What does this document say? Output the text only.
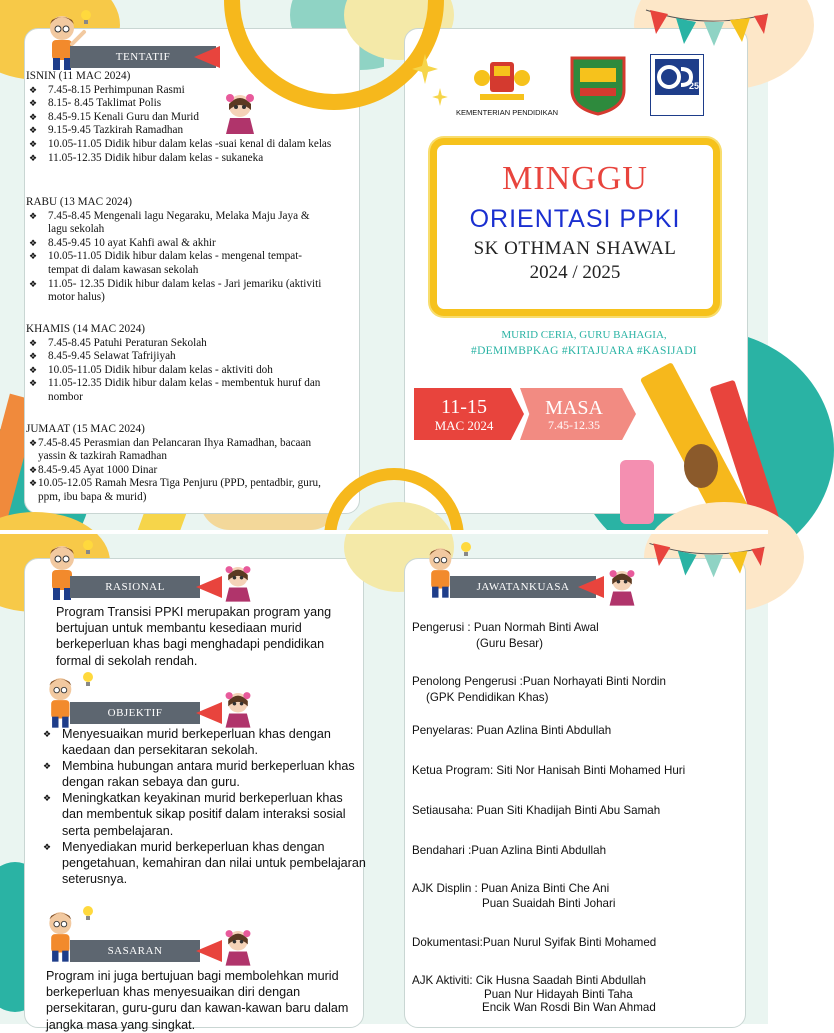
TENTATIF
ISNIN (11 MAC 2024)
❖ 7.45-8.15 Perhimpunan Rasmi
❖ 8.15- 8.45 Taklimat Polis
❖ 8.45-9.15 Kenali Guru dan Murid
❖ 9.15-9.45 Tazkirah Ramadhan
❖ 10.05-11.05 Didik hibur dalam kelas -suai kenal di dalam kelas
❖ 11.05-12.35 Didik hibur dalam kelas - sukaneka
RABU (13 MAC 2024)
❖ 7.45-8.45 Mengenali lagu Negaraku, Melaka Maju Jaya & lagu sekolah
❖ 8.45-9.45 10 ayat Kahfi awal & akhir
❖ 10.05-11.05 Didik hibur dalam kelas - mengenal tempat-tempat di dalam kawasan sekolah
❖ 11.05- 12.35 Didik hibur dalam kelas - Jari jemariku (aktiviti motor halus)
KHAMIS (14 MAC 2024)
❖ 7.45-8.45 Patuhi Peraturan Sekolah
❖ 8.45-9.45 Selawat Tafrijiyah
❖ 10.05-11.05 Didik hibur dalam kelas - aktiviti doh
❖ 11.05-12.35 Didik hibur dalam kelas - membentuk huruf dan nombor
JUMAAT (15 MAC 2024)
❖ 7.45-8.45 Perasmian dan Pelancaran Ihya Ramadhan, bacaan yassin & tazkirah Ramadhan
❖ 8.45-9.45 Ayat 1000 Dinar
❖ 10.05-12.05 Ramah Mesra Tiga Penjuru (PPD, pentadbir, guru, ppm, ibu bapa & murid)
KEMENTERIAN PENDIDIKAN
25
MINGGU
ORIENTASI PPKI
SK OTHMAN SHAWAL
2024 / 2025
MURID CERIA, GURU BAHAGIA,
#DEMIMBPKAG #KITAJUARA #KASIJADI
11-15
MAC 2024
MASA
7.45-12.35
RASIONAL
Program Transisi PPKI merupakan program yang bertujuan untuk membantu kesediaan murid berkeperluan khas bagi menghadapi pendidikan formal di sekolah rendah.
OBJEKTIF
❖ Menyesuaikan murid berkeperluan khas dengan kaedaan dan persekitaran sekolah.
❖ Membina hubungan antara murid berkeperluan khas dengan rakan sebaya dan guru.
❖ Meningkatkan keyakinan murid berkeperluan khas dan membentuk sikap positif dalam interaksi sosial serta pembelajaran.
❖ Menyediakan murid berkeperluan khas dengan pengetahuan, kemahiran dan nilai untuk pembelajaran seterusnya.
SASARAN
Program ini juga bertujuan bagi membolehkan murid berkeperluan khas menyesuaikan diri dengan persekitaran, guru-guru dan kawan-kawan baru dalam jangka masa yang singkat.
JAWATANKUASA
Pengerusi : Puan Normah Binti Awal
(Guru Besar)
Penolong Pengerusi :Puan Norhayati Binti Nordin
(GPK Pendidikan Khas)
Penyelaras: Puan Azlina Binti Abdullah
Ketua Program: Siti Nor Hanisah Binti Mohamed Huri
Setiausaha: Puan Siti Khadijah Binti Abu Samah
Bendahari :Puan Azlina Binti Abdullah
AJK Displin : Puan Aniza Binti Che Ani
Puan Suaidah Binti Johari
Dokumentasi:Puan Nurul Syifak Binti Mohamed
AJK Aktiviti: Cik Husna Saadah Binti Abdullah
Puan Nur Hidayah Binti Taha
Encik Wan Rosdi Bin Wan Ahmad
